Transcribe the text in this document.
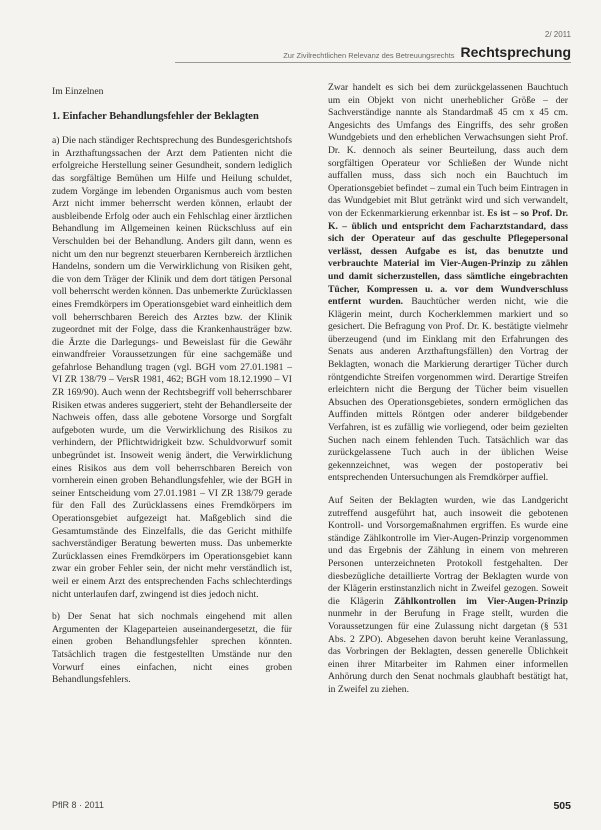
2/ 2011
Zur Zivilrechtlichen Relevanz des Betreuungsrechts Rechtsprechung

Im Einzelnen

1. Einfacher Behandlungsfehler der Beklagten

a) Die nach ständiger Rechtsprechung des Bundesgerichtshofs in Arzthaftungssachen der Arzt dem Patienten nicht die erfolgreiche Herstellung seiner Gesundheit, sondern lediglich das sorgfältige Bemühen um Hilfe und Heilung schuldet, zudem Vorgänge im lebenden Organismus auch vom besten Arzt nicht immer beherrscht werden können, erlaubt der ausbleibende Erfolg oder auch ein Fehlschlag einer ärztlichen Behandlung im Allgemeinen keinen Rückschluss auf ein Verschulden bei der Behandlung. Anders gilt dann, wenn es nicht um den nur begrenzt steuerbaren Kernbereich ärztlichen Handelns, sondern um die Verwirklichung von Risiken geht, die von dem Träger der Klinik und dem dort tätigen Personal voll beherrscht werden können. Das unbemerkte Zurücklassen eines Fremdkörpers im Operationsgebiet ward einheitlich dem voll beherrschbaren Bereich des Arztes bzw. der Klinik zugeordnet mit der Folge, dass die Krankenhausträger bzw. die Ärzte die Darlegungs- und Beweislast für die Gewähr einwandfreier Voraussetzungen für eine sachgemäße und gefahrlose Behandlung tragen (vgl. BGH vom 27.01.1981 – VI ZR 138/79 – VersR 1981, 462; BGH vom 18.12.1990 – VI ZR 169/90). Auch wenn der Rechtsbegriff voll beherrschbarer Risiken etwas anderes suggeriert, steht der Behandlerseite der Nachweis offen, dass alle gebotene Vorsorge und Sorgfalt aufgeboten wurde, um die Verwirklichung des Risikos zu verhindern, der Pflichtwidrigkeit bzw. Schuldvorwurf somit unbegründet ist. Insoweit wenig ändert, die Verwirklichung eines Risikos aus dem voll beherrschbaren Bereich von vornherein einen groben Behandlungsfehler, wie der BGH in seiner Entscheidung vom 27.01.1981 – VI ZR 138/79 gerade für den Fall des Zurücklassens eines Fremdkörpers im Operationsgebiet aufgezeigt hat. Maßgeblich sind die Gesamtumstände des Einzelfalls, die das Gericht mithilfe sachverständiger Beratung bewerten muss. Das unbemerkte Zurücklassen eines Fremdkörpers im Operationsgebiet kann zwar ein grober Fehler sein, der nicht mehr verständlich ist, weil er einem Arzt des entsprechenden Fachs schlechterdings nicht unterlaufen darf, zwingend ist dies jedoch nicht.

b) Der Senat hat sich nochmals eingehend mit allen Argumenten der Klageparteien auseinandergesetzt, die für einen groben Behandlungsfehler sprechen könnten. Tatsächlich tragen die festgestellten Umstände nur den Vorwurf eines einfachen, nicht eines groben Behandlungsfehlers.

Zwar handelt es sich bei dem zurückgelassenen Bauchtuch um ein Objekt von nicht unerheblicher Größe – der Sachverständige nannte als Standardmaß 45 cm x 45 cm. Angesichts des Umfangs des Eingriffs, des sehr großen Wundgebiets und den erheblichen Verwachsungen sieht Prof. Dr. K. dennoch als seiner Beurteilung, dass auch dem sorgfältigen Operateur vor Schließen der Wunde nicht auffallen muss, dass sich noch ein Bauchtuch im Operationsgebiet befindet – zumal ein Tuch beim Eintragen in das Wundgebiet mit Blut getränkt wird und sich verwandelt, von der Eckenmarkierung erkennbar ist. Es ist – so Prof. Dr. K. – üblich und entspricht dem Facharztstandard, dass sich der Operateur auf das geschulte Pflegepersonal verlässt, dessen Aufgabe es ist, das benutzte und verbrauchte Material im Vier-Augen-Prinzip zu zählen und damit sicherzustellen, dass sämtliche eingebrachten Tücher, Kompressen u. a. vor dem Wundverschluss entfernt wurden. Bauchtücher werden nicht, wie die Klägerin meint, durch Kocherklemmen markiert und so gesichert. Die Befragung von Prof. Dr. K. bestätigte vielmehr überzeugend (und im Einklang mit den Erfahrungen des Senats aus anderen Arzthaftungsfällen) den Vortrag der Beklagten, wonach die Markierung derartiger Tücher durch röntgendichte Streifen vorgenommen wird. Derartige Streifen erleichtern nicht die Bergung der Tücher beim visuellen Absuchen des Operationsgebietes, sondern ermöglichen das Auffinden mittels Röntgen oder anderer bildgebender Verfahren, ist es zufällig wie vorliegend, oder beim gezielten Suchen nach einem fehlenden Tuch. Tatsächlich war das zurückgelassene Tuch auch in der üblichen Weise gekennzeichnet, was wegen der postoperativ bei entsprechenden Untersuchungen als Fremdkörper auffiel.

Auf Seiten der Beklagten wurden, wie das Landgericht zutreffend ausgeführt hat, auch insoweit die gebotenen Kontroll- und Vorsorgemaßnahmen ergriffen. Es wurde eine ständige Zählkontrolle im Vier-Augen-Prinzip vorgenommen und das Ergebnis der Zählung in einem von mehreren Personen unterzeichneten Protokoll festgehalten. Der diesbezügliche detaillierte Vortrag der Beklagten wurde von der Klägerin erstinstanzlich nicht in Zweifel gezogen. Soweit die Klägerin Zählkontrollen im Vier-Augen-Prinzip nunmehr in der Berufung in Frage stellt, wurden die Voraussetzungen für eine Zulassung nicht dargetan (§ 531 Abs. 2 ZPO). Abgesehen davon beruht keine Veranlassung, das Vorbringen der Beklagten, dessen generelle Üblichkeit einen ihrer Mitarbeiter im Rahmen einer informellen Anhörung durch den Senat nochmals glaubhaft bestätigt hat, in Zweifel zu ziehen.

PflR 8 · 2011	505
